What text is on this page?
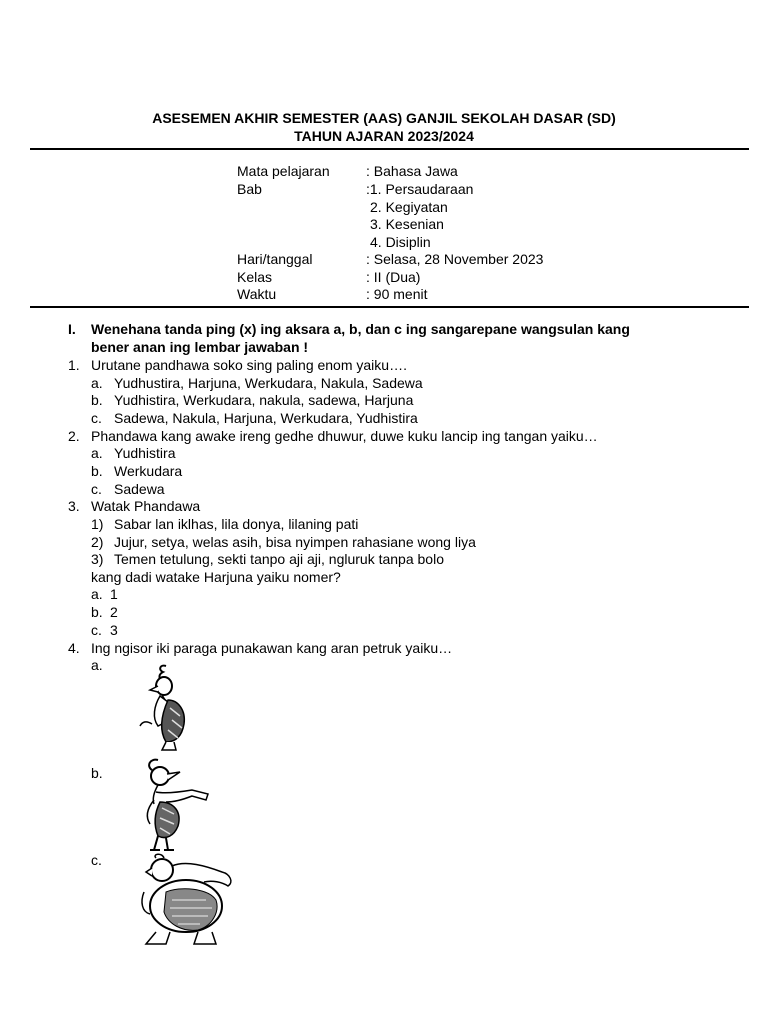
ASESEMEN AKHIR SEMESTER (AAS) GANJIL SEKOLAH DASAR (SD)
TAHUN AJARAN 2023/2024
Mata pelajaran	: Bahasa Jawa
Bab	:1. Persaudaraan
2. Kegiyatan
3. Kesenian
4. Disiplin
Hari/tanggal	: Selasa, 28 November 2023
Kelas	: II (Dua)
Waktu	: 90 menit
I. Wenehana tanda ping (x) ing aksara a, b, dan c ing sangarepane wangsulan kang
bener anan ing lembar jawaban !
1. Urutane pandhawa soko sing paling enom yaiku….
a. Yudhustira, Harjuna, Werkudara, Nakula, Sadewa
b. Yudhistira, Werkudara, nakula, sadewa, Harjuna
c. Sadewa, Nakula, Harjuna, Werkudara, Yudhistira
2. Phandawa kang awake ireng gedhe dhuwur, duwe kuku lancip ing tangan yaiku…
a. Yudhistira
b. Werkudara
c. Sadewa
3. Watak Phandawa
1) Sabar lan iklhas, lila donya, lilaning pati
2) Jujur, setya, welas asih, bisa nyimpen rahasiane wong liya
3) Temen tetulung, sekti tanpo aji aji, ngluruk tanpa bolo
kang dadi watake Harjuna yaiku nomer?
a. 1
b. 2
c. 3
4. Ing ngisor iki paraga punakawan kang aran petruk yaiku…
a.
b.
c.
